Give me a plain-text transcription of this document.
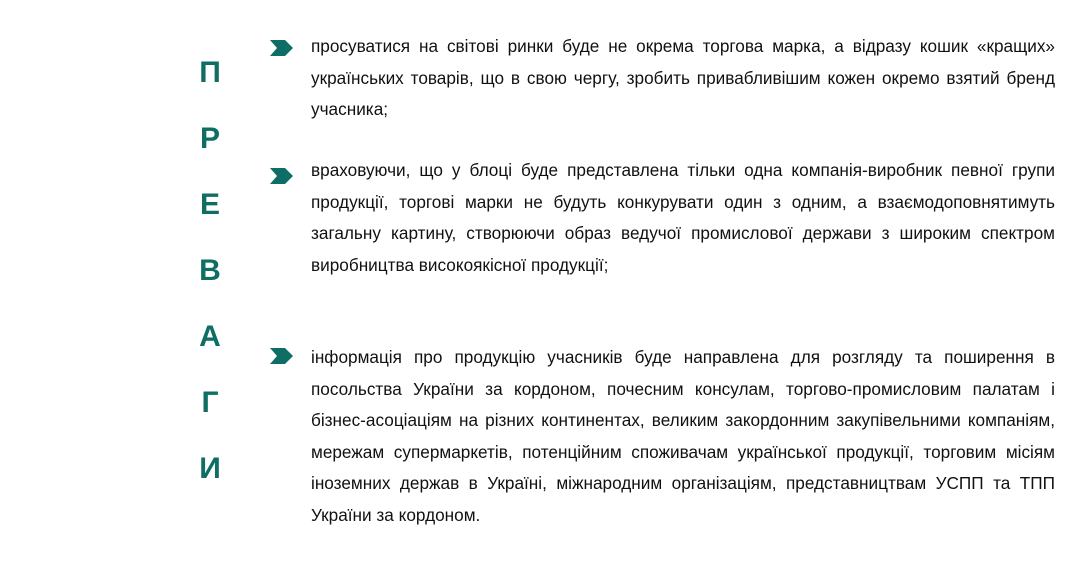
П
Р
Е
В
А
Г
И

просуватися на світові ринки буде не окрема торгова марка, а відразу кошик «кращих» українських товарів, що в свою чергу, зробить привабливішим кожен окремо взятий бренд учасника;

враховуючи, що у блоці буде представлена тільки одна компанія-виробник певної групи продукції, торгові марки не будуть конкурувати один з одним, а взаємодоповнятимуть загальну картину, створюючи образ ведучої промислової держави з широким спектром виробництва високоякісної продукції;

інформація про продукцію учасників буде направлена для розгляду та поширення в посольства України за кордоном, почесним консулам, торгово-промисловим палатам і бізнес-асоціаціям на різних континентах, великим закордонним закупівельними компаніям, мережам супермаркетів, потенційним споживачам української продукції, торговим місіям іноземних держав в Україні, міжнародним організаціям, представництвам УСПП та ТПП України за кордоном.
